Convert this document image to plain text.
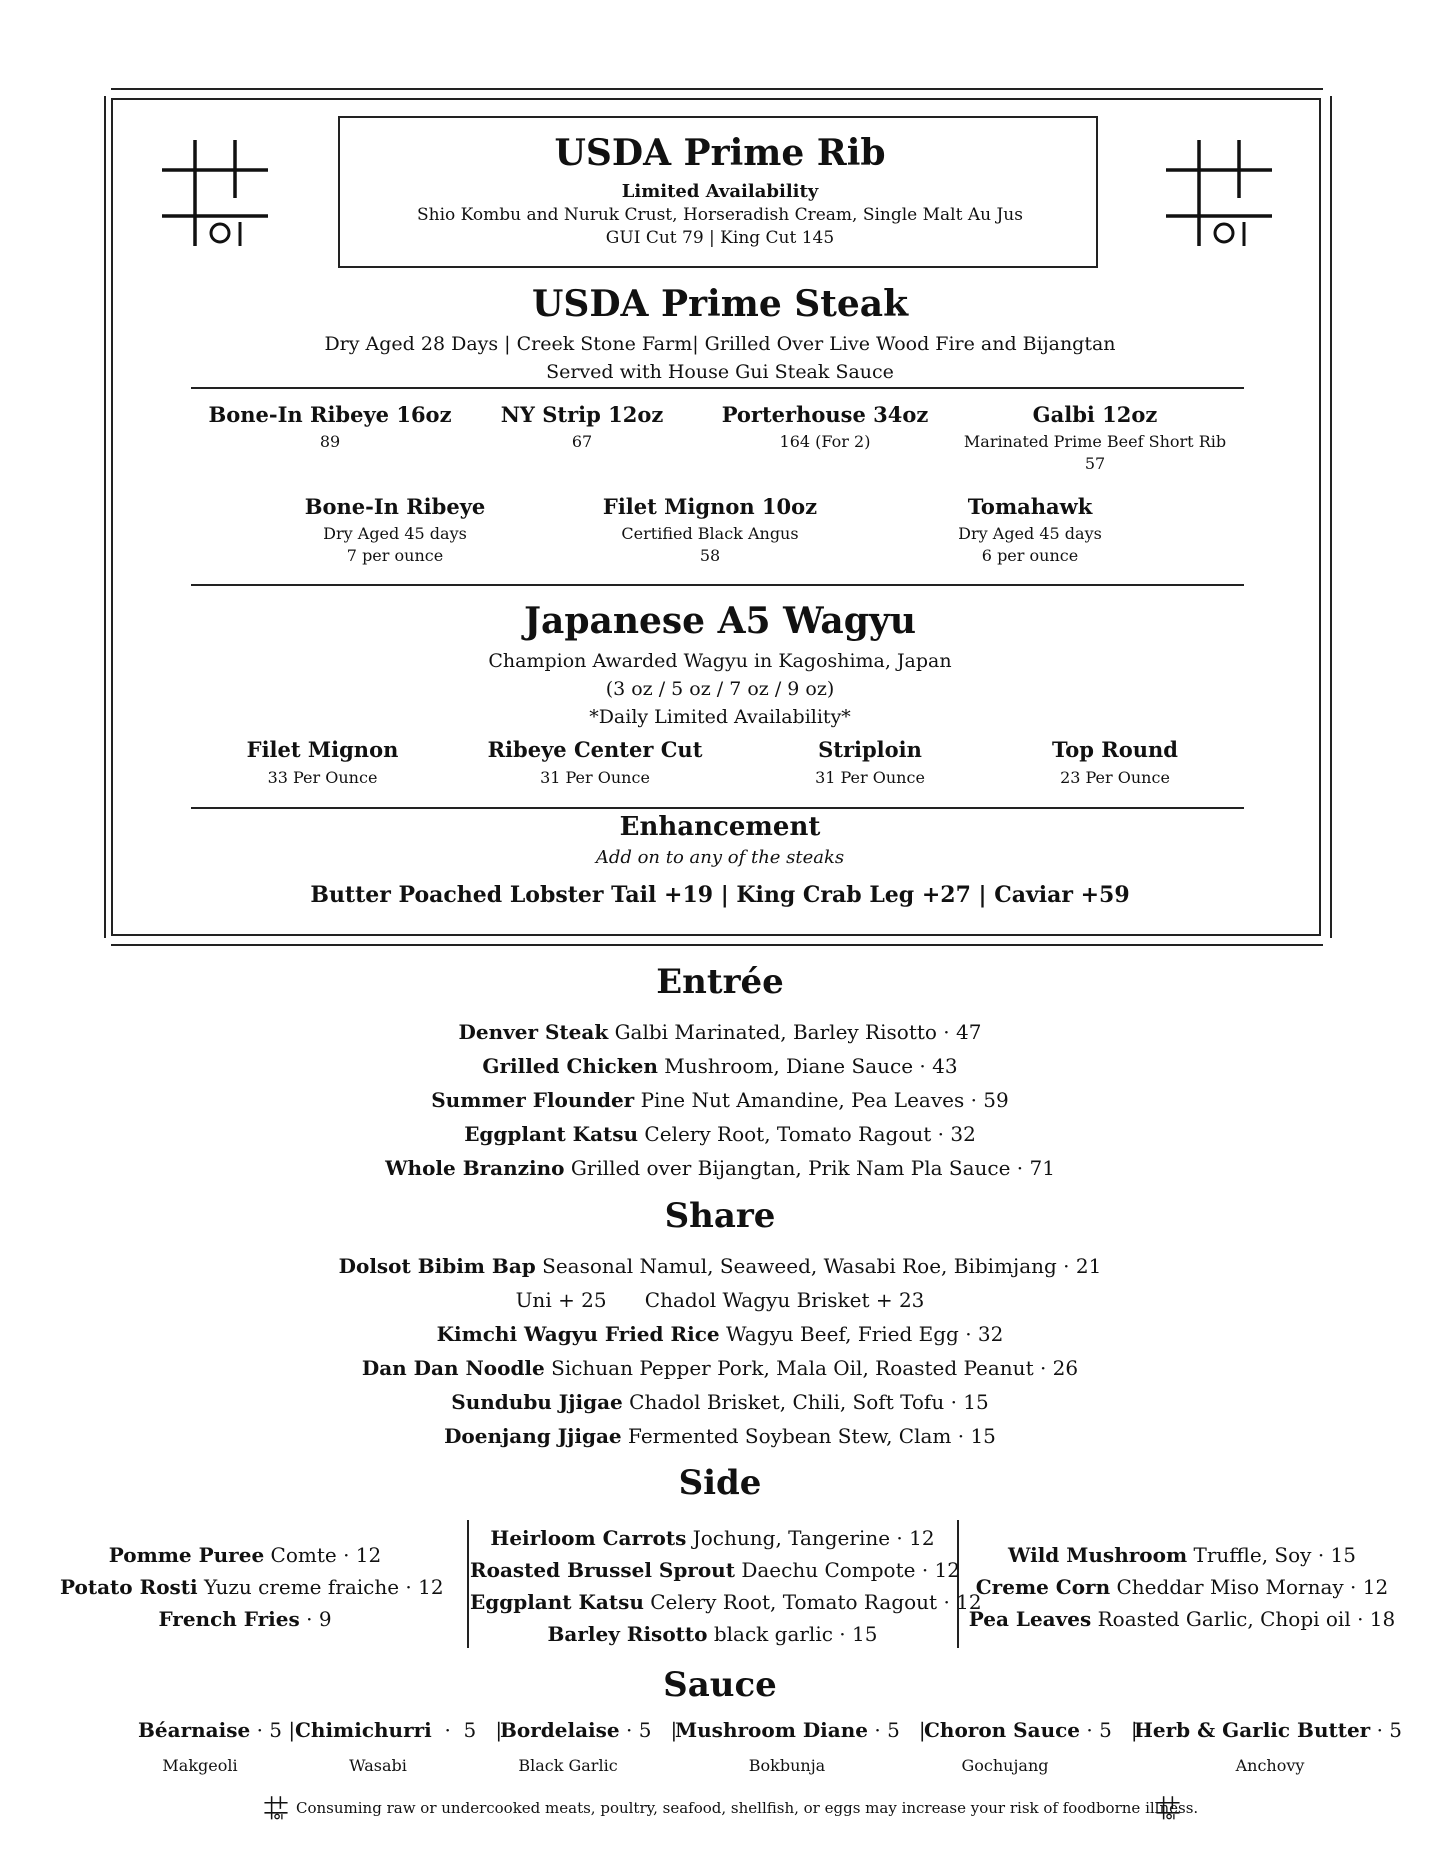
USDA Prime Rib
Limited Availability
Shio Kombu and Nuruk Crust, Horseradish Cream, Single Malt Au Jus
GUI Cut 79 | King Cut 145
USDA Prime Steak
Dry Aged 28 Days | Creek Stone Farm| Grilled Over Live Wood Fire and Bijangtan
Served with House Gui Steak Sauce
Bone-In Ribeye 16oz
89
NY Strip 12oz
67
Porterhouse 34oz
164 (For 2)
Galbi 12oz
Marinated Prime Beef Short Rib
57
Bone-In Ribeye
Dry Aged 45 days
7 per ounce
Filet Mignon 10oz
Certified Black Angus
58
Tomahawk
Dry Aged 45 days
6 per ounce
Japanese A5 Wagyu
Champion Awarded Wagyu in Kagoshima, Japan
(3 oz / 5 oz / 7 oz / 9 oz)
*Daily Limited Availability*
Filet Mignon
33 Per Ounce
Ribeye Center Cut
31 Per Ounce
Striploin
31 Per Ounce
Top Round
23 Per Ounce
Enhancement
Add on to any of the steaks
Butter Poached Lobster Tail +19 | King Crab Leg +27 | Caviar +59
Entrée
Denver Steak Galbi Marinated, Barley Risotto · 47
Grilled Chicken Mushroom, Diane Sauce · 43
Summer Flounder Pine Nut Amandine, Pea Leaves · 59
Eggplant Katsu Celery Root, Tomato Ragout · 32
Whole Branzino Grilled over Bijangtan, Prik Nam Pla Sauce · 71
Share
Dolsot Bibim Bap Seasonal Namul, Seaweed, Wasabi Roe, Bibimjang · 21
Uni + 25      Chadol Wagyu Brisket + 23
Kimchi Wagyu Fried Rice Wagyu Beef, Fried Egg · 32
Dan Dan Noodle Sichuan Pepper Pork, Mala Oil, Roasted Peanut · 26
Sundubu Jjigae Chadol Brisket, Chili, Soft Tofu · 15
Doenjang Jjigae Fermented Soybean Stew, Clam · 15
Side
Pomme Puree Comte · 12
Potato Rosti Yuzu creme fraiche · 12
French Fries · 9
Heirloom Carrots Jochung, Tangerine · 12
Roasted Brussel Sprout Daechu Compote · 12
Eggplant Katsu Celery Root, Tomato Ragout · 12
Barley Risotto black garlic · 15
Wild Mushroom Truffle, Soy · 15
Creme Corn Cheddar Miso Mornay · 12
Pea Leaves Roasted Garlic, Chopi oil · 18
Sauce
Béarnaise · 5 | Chimichurri  ·  5   |
Bordelaise · 5   |
Mushroom Diane · 5   |
Choron Sauce · 5   |
Herb & Garlic Butter · 5
Makgeoli	Wasabi	Black Garlic	Bokbunja	Gochujang	Anchovy
Consuming raw or undercooked meats, poultry, seafood, shellfish, or eggs may increase your risk of foodborne illness.
